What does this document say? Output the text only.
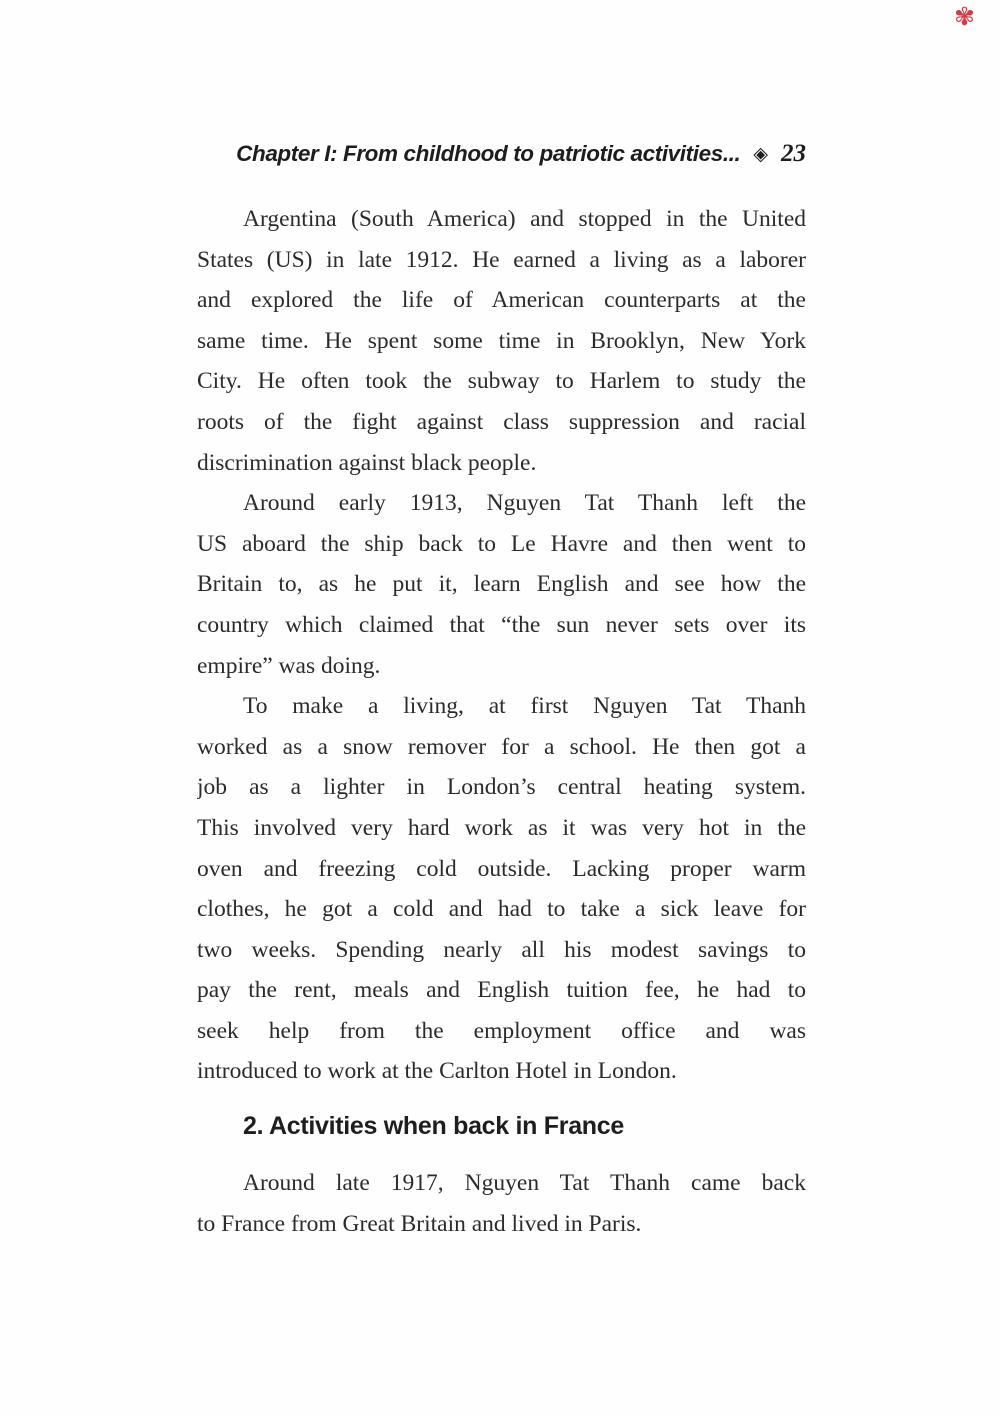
✾
Chapter I: From childhood to patriotic activities... ◈ 23
Argentina (South America) and stopped in the United
States (US) in late 1912. He earned a living as a laborer
and explored the life of American counterparts at the
same time. He spent some time in Brooklyn, New York
City. He often took the subway to Harlem to study the
roots of the fight against class suppression and racial
discrimination against black people.
Around early 1913, Nguyen Tat Thanh left the
US aboard the ship back to Le Havre and then went to
Britain to, as he put it, learn English and see how the
country which claimed that “the sun never sets over its
empire” was doing.
To make a living, at first Nguyen Tat Thanh
worked as a snow remover for a school. He then got a
job as a lighter in London’s central heating system.
This involved very hard work as it was very hot in the
oven and freezing cold outside. Lacking proper warm
clothes, he got a cold and had to take a sick leave for
two weeks. Spending nearly all his modest savings to
pay the rent, meals and English tuition fee, he had to
seek help from the employment office and was
introduced to work at the Carlton Hotel in London.
2. Activities when back in France
Around late 1917, Nguyen Tat Thanh came back
to France from Great Britain and lived in Paris.
